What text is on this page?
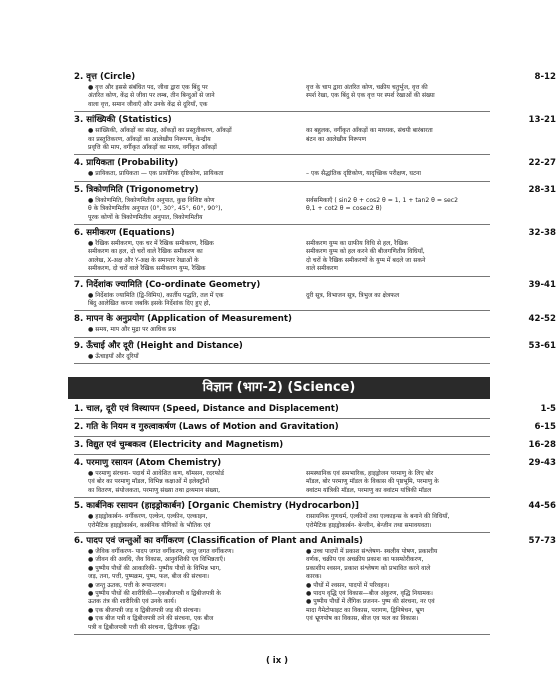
2. वृत्त (Circle)	8-12
● वृत्त और इससे संबंधित पद, जीवा द्वारा एक बिंदु पर
अंतरित कोण, केंद्र से जीवा पर लम्ब, तीन बिन्दुओं से जाने
वाला वृत्त, समान जीवाएँ और उनके केंद्र से दूरियाँ, एक
वृत्त के चाप द्वारा अंतरित कोण, चक्रीय चतुर्भुज, वृत्त की
स्पर्श रेखा, एक बिंदु से एक वृत्त पर स्पर्श रेखाओं की संख्या
3. सांख्यिकी (Statistics)	13-21
● सांख्यिकी, आँकड़ों का संग्रह, आँकड़ों का प्रस्तुतीकरण, आँकड़ों
का प्रस्तुतिकरण, आँकड़ों का आलेखीय निरूपण, केन्द्रीय
प्रवृत्ति की माप, वर्गीकृत आँकड़ों का माध्य, वर्गीकृत आँकड़ों
का बहुलक, वर्गीकृत आँकड़ों का माध्यक, संचयी बारंबारता
बंटन का आलेखीय निरूपण
4. प्रायिकता (Probability)	22-27
● प्रायिकता, प्रायिकता — एक प्रायोगिक दृष्टिकोण, प्रायिकता	– एक सैद्धांतिक दृष्टिकोण, यादृच्छिक परीक्षण, घटना
5. त्रिकोणमिति (Trigonometry)	28-31
● त्रिकोणमिति, त्रिकोणमितीय अनुपात, कुछ विशिष्ट कोण
θ के त्रिकोणमितीय अनुपात (0°, 30°, 45°, 60°, 90°),
पूरक कोणों के त्रिकोणमितीय अनुपात, त्रिकोणमितीय
सर्वसमिकाएँ ( sin2 θ + cos2 θ = 1, 1 + tan2 θ = sec2
θ,1 + cot2 θ = cosec2 θ)
6. समीकरण (Equations)	32-38
● रैखिक समीकरण, एक चर में रैखिक समीकरण, रैखिक
समीकरण का हल, दो चरों वाले रैखिक समीकरण का
आलेख, X-अक्ष और Y-अक्ष के समान्तर रेखाओं के
समीकरण, दो चरों वाले रैखिक समीकरण युग्म, रैखिक
समीकरण युग्म का ग्राफीय विधि से हल, रैखिक
समीकरण युग्म को हल करने की बीजगणितीय विधियाँ,
दो चरों के रैखिक समीकरणों के युग्म में बदले जा सकने
वाले समीकरण
7. निर्देशांक ज्यामिति (Co-ordinate Geometry)	39-41
● निर्देशांक ज्यामिति (द्वि-विमिय), कार्तीय पद्धति, तल में एक
बिंदु आलेखित करना जबकि इसके निर्देशांक दिए हुए हो,
दूरी सूत्र, विभाजन सूत्र, त्रिभुज का क्षेत्रफल
8. मापन के अनुप्रयोग (Application of Measurement)	42-52
● समय, माप और मुद्रा पर आधिक प्रश्न
9. ऊँचाई और दूरी (Height and Distance)	53-61
● ऊँचाइयाँ और दूरियाँ
1. चाल, दूरी एवं विस्थापन (Speed, Distance and Displacement)	1-5
2. गति के नियम व गुरुत्वाकर्षण (Laws of Motion and Gravitation)	6-15
3. विद्युत एवं चुम्बकत्व (Electricity and Magnetism)	16-28
4. परमाणु रसायन (Atom Chemistry)	29-43
● परमाणु संरचना- पदार्थ में आवेशित कण, थॉमसन, रदरफोर्ड
एवं बोर का परमाणु मॉडल, विभिन्न कक्षाओं में इलेक्ट्रॉनों
का वितरण, संयोजकता, परमाणु संख्या तथा द्रव्यमान संख्या,
समस्थानिक एवं समभारिक, हाइड्रोजन परमाणु के लिए बोर
मॉडल, बोर परमाणु मॉडल के विकास की पृष्ठभूमि, परमाणु के
क्वांटम यांत्रिकी मॉडल, परमाणु का क्वांटम यांत्रिकी मॉडल
5. कार्बनिक रसायन (हाइड्रोकार्बन) [Organic Chemistry (Hydrocarbon)]	44-56
● हाइड्रोकार्बन- वर्गीकरण, एल्केन, एल्कीन, एल्काइन,
एरोमैटिक हाइड्रोकार्बन, कार्बनिक यौगिकों के भौतिक एवं
रासायनिक गुणधर्म, एल्कीनों तथा एल्काइन्स के बनाने की विधियाँ,
एरोमैटिक हाइड्रोकार्बन- बेन्जीन, बेन्जीन तथा समावयवता।
6. पादप एवं जन्तुओं का वर्गीकरण (Classification of Plant and Animals)	57-73
● जैविक वर्गीकरण- पादप जगत वर्गीकरण, जन्तु जगत वर्गीकरण।
● जीवन की अवधि, जैव विकास, आनुवंशिकी एव विभिन्नताएँ।
● पुष्पीय पौधों की आकारिकी- पुष्पीय पौधों के विभिन्न भाग,
जड़, तना, पत्ती, पुष्पक्रम, पुष्प, फल, बीज की संरचना।
● जन्तु ऊतक, पत्ती के रूपान्तरण।
● पुष्पीय पौधों की शारीरिकी—एकबीजपत्री व द्विबीजपत्री के
ऊतक तंत्र की शारीरिकी एवं उनके कार्य।
● एक बीजपत्री जड़ व द्विबीजपत्री जड़ की संरचना।
● एक बीज पत्री व द्विबीजपत्री तने की संरचना, एक बीज
पत्री व द्विबीजपत्री पत्ती की संरचना, द्वितीयक वृद्धि।
● उच्च पादपों में प्रकाश संश्लेषण- स्थलीय पोषण, प्रकाशीय
वर्णक, चक्रीय एव अचक्रीय प्रकाश का फास्फोरीकरण,
प्रकाशीय श्वसन, प्रकाश संश्लेषण को प्रभावित करने वाले
कारक।
● पौधों में श्वसन, पादपों में परिवहन।
● पादप वृद्धि एवं विकास—बीज अंकुरण, वृद्धि नियामक।
● पुष्पीय पौधों में लैंगिक प्रजनन- पुष्प की संरचना, नर एवं
मादा गैमेटोफाइट का विकास, परागण, द्विनिषेचन, भ्रूण
एवं भ्रूणपोष का विकास, बीज एव फल का विकास।
विज्ञान (भाग-2) (Science)
( ix )
